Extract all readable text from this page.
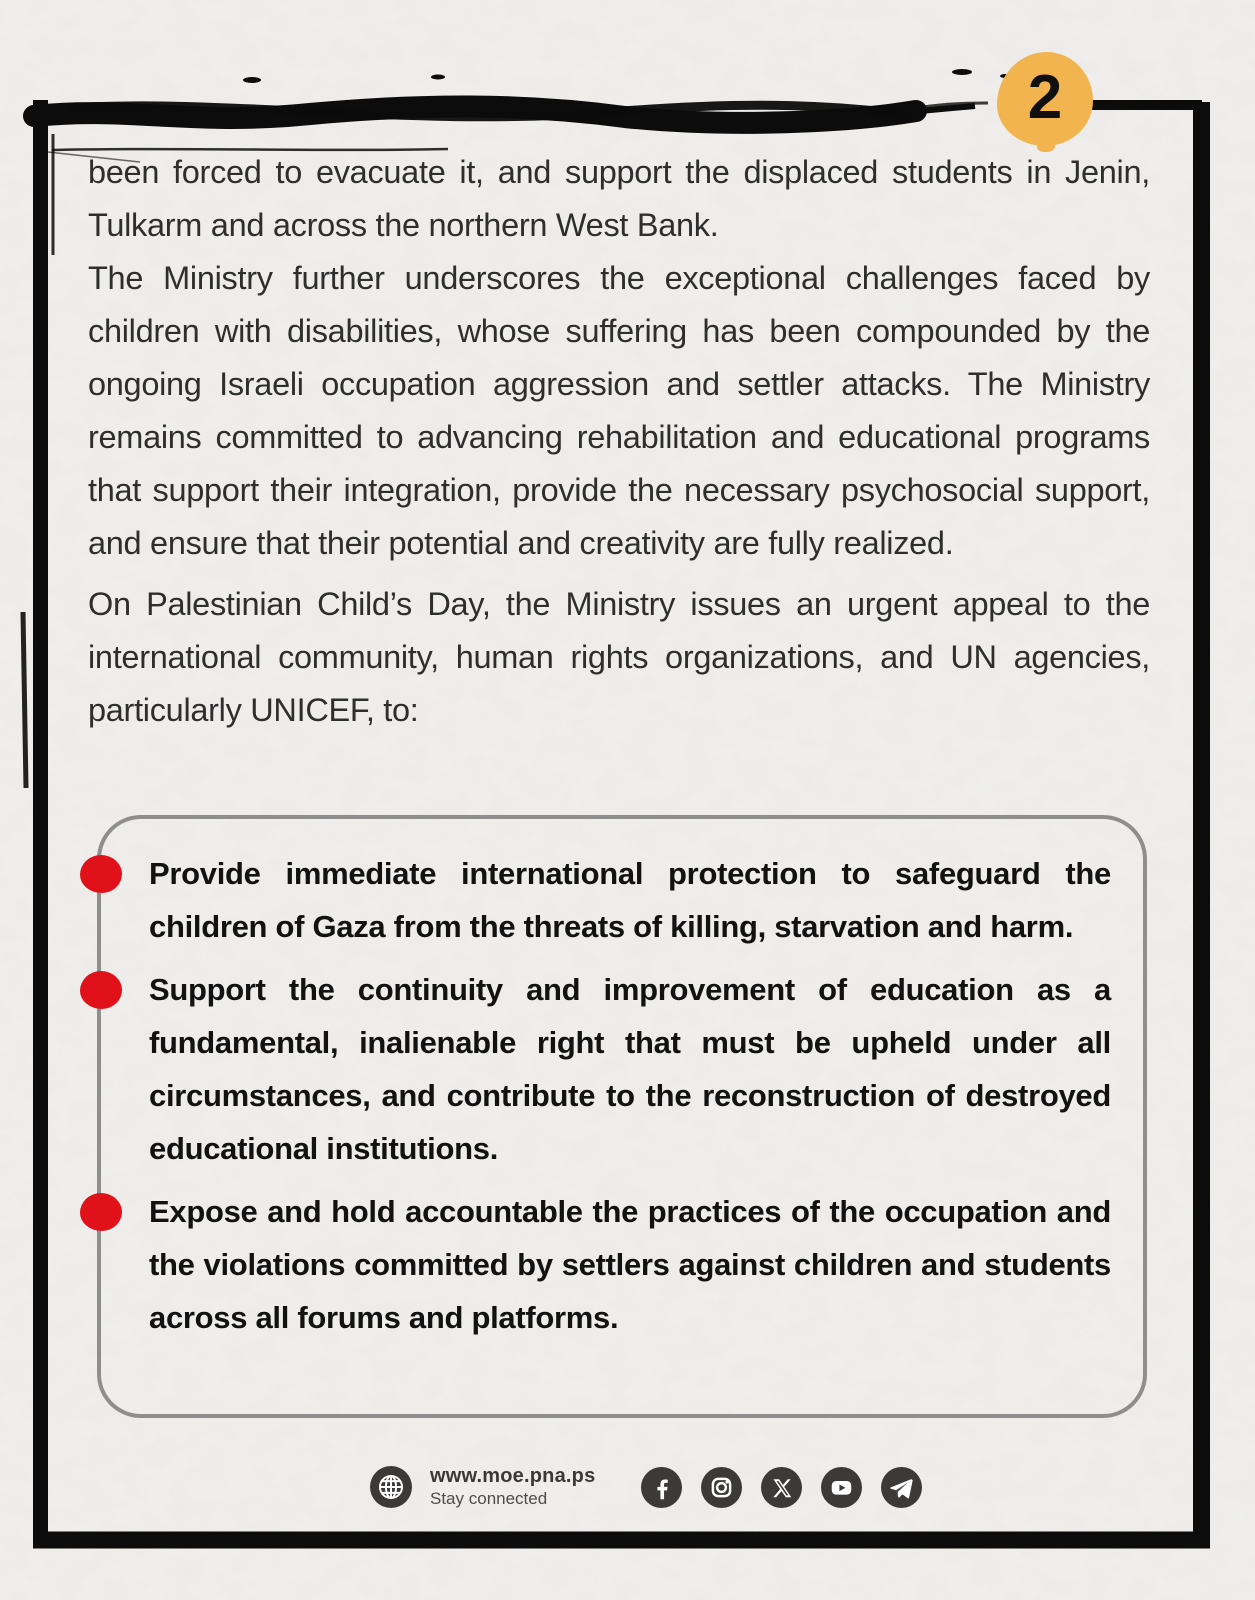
2

been forced to evacuate it, and support the displaced students in Jenin, Tulkarm and across the northern West Bank.

The Ministry further underscores the exceptional challenges faced by children with disabilities, whose suffering has been compounded by the ongoing Israeli occupation aggression and settler attacks. The Ministry remains committed to advancing rehabilitation and educational programs that support their integration, provide the necessary psychosocial support, and ensure that their potential and creativity are fully realized.

On Palestinian Child’s Day, the Ministry issues an urgent appeal to the international community, human rights organizations, and UN agencies, particularly UNICEF, to:

Provide immediate international protection to safeguard the children of Gaza from the threats of killing, starvation and harm.

Support the continuity and improvement of education as a fundamental, inalienable right that must be upheld under all circumstances, and contribute to the reconstruction of destroyed educational institutions.

Expose and hold accountable the practices of the occupation and the violations committed by settlers against children and students across all forums and platforms.

www.moe.pna.ps
Stay connected
